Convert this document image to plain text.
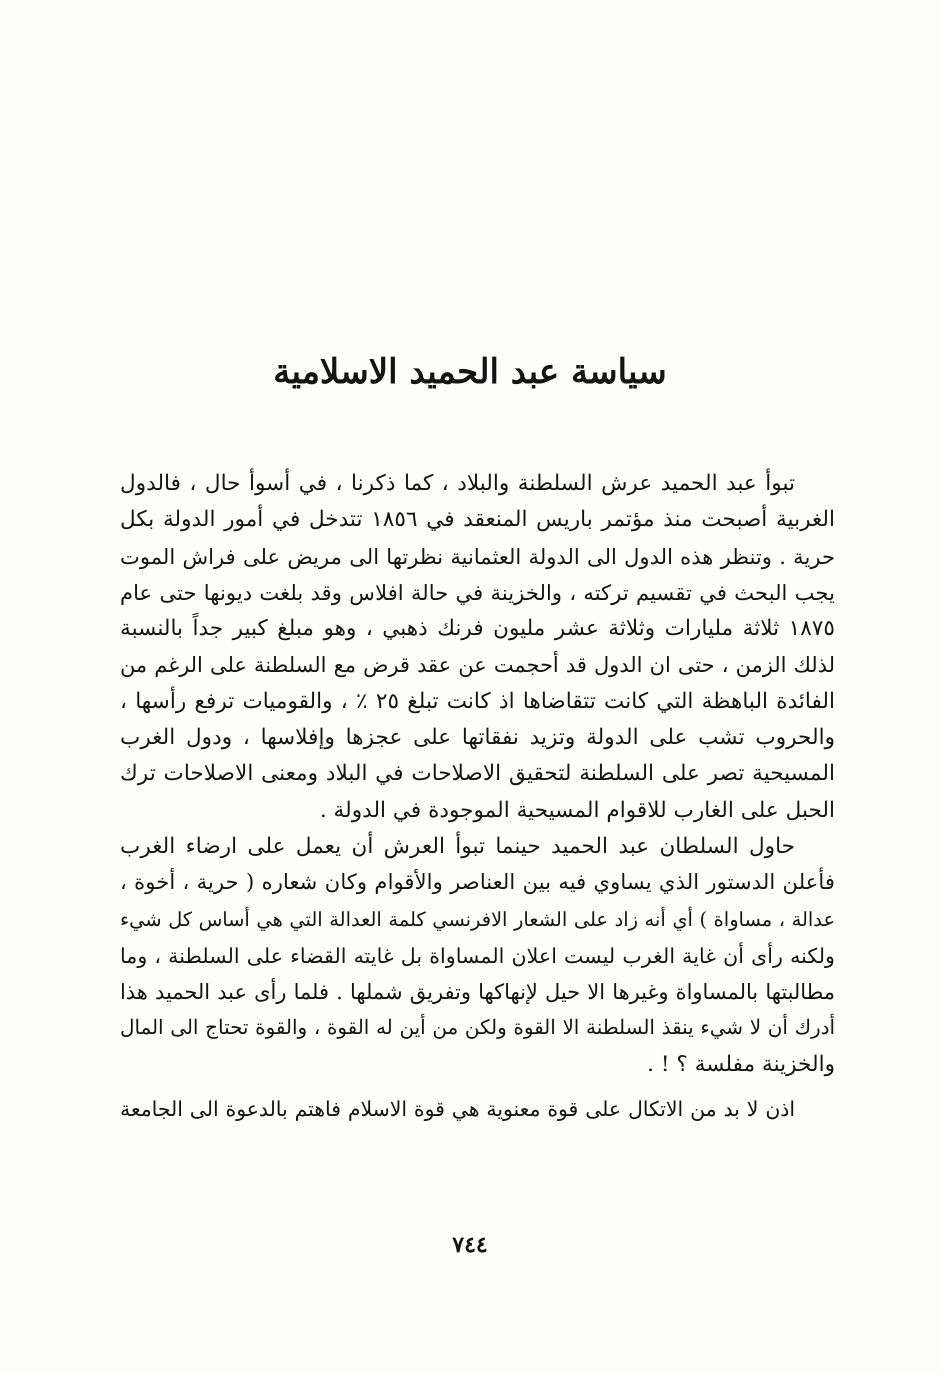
سياسة عبد الحميد الاسلامية
تبوأ عبد الحميد عرش السلطنة والبلاد ، كما ذكرنا ، في أسوأ حال ، فالدول
الغربية أصبحت منذ مؤتمر باريس المنعقد في ١٨٥٦ تتدخل في أمور الدولة بكل
حرية . وتنظر هذه الدول الى الدولة العثمانية نظرتها الى مريض على فراش الموت
يجب البحث في تقسيم تركته ، والخزينة في حالة افلاس وقد بلغت ديونها حتى عام
١٨٧٥ ثلاثة مليارات وثلاثة عشر مليون فرنك ذهبي ، وهو مبلغ كبير جداً بالنسبة
لذلك الزمن ، حتى ان الدول قد أحجمت عن عقد قرض مع السلطنة على الرغم من
الفائدة الباهظة التي كانت تتقاضاها اذ كانت تبلغ ٢٥ ٪ ، والقوميات ترفع رأسها ،
والحروب تشب على الدولة وتزيد نفقاتها على عجزها وإفلاسها ، ودول الغرب
المسيحية تصر على السلطنة لتحقيق الاصلاحات في البلاد ومعنى الاصلاحات ترك
الحبل على الغارب للاقوام المسيحية الموجودة في الدولة .
حاول السلطان عبد الحميد حينما تبوأ العرش أن يعمل على ارضاء الغرب
فأعلن الدستور الذي يساوي فيه بين العناصر والأقوام وكان شعاره ( حرية ، أخوة ،
عدالة ، مساواة ) أي أنه زاد على الشعار الافرنسي كلمة العدالة التي هي أساس كل شيء
ولكنه رأى أن غاية الغرب ليست اعلان المساواة بل غايته القضاء على السلطنة ، وما
مطالبتها بالمساواة وغيرها الا حيل لإنهاكها وتفريق شملها . فلما رأى عبد الحميد هذا
أدرك أن لا شيء ينقذ السلطنة الا القوة ولكن من أين له القوة ، والقوة تحتاج الى المال
والخزينة مفلسة ؟ ! .
اذن لا بد من الاتكال على قوة معنوية هي قوة الاسلام فاهتم بالدعوة الى الجامعة
٧٤٤
